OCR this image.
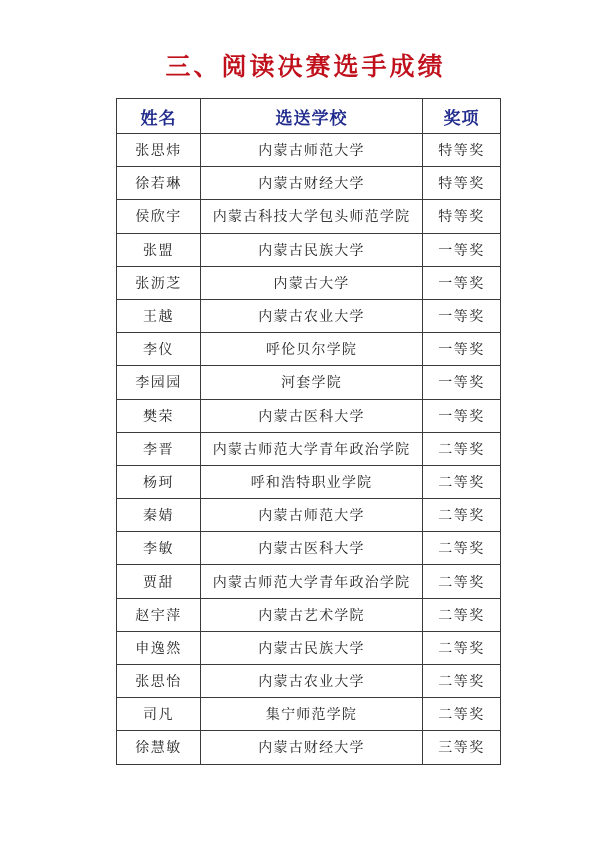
三、阅读决赛选手成绩
姓名	选送学校	奖项
张思炜	内蒙古师范大学	特等奖
徐若琳	内蒙古财经大学	特等奖
侯欣宇	内蒙古科技大学包头师范学院	特等奖
张盟	内蒙古民族大学	一等奖
张沥芝	内蒙古大学	一等奖
王越	内蒙古农业大学	一等奖
李仪	呼伦贝尔学院	一等奖
李园园	河套学院	一等奖
樊荣	内蒙古医科大学	一等奖
李晋	内蒙古师范大学青年政治学院	二等奖
杨珂	呼和浩特职业学院	二等奖
秦婧	内蒙古师范大学	二等奖
李敏	内蒙古医科大学	二等奖
贾甜	内蒙古师范大学青年政治学院	二等奖
赵宇萍	内蒙古艺术学院	二等奖
申逸然	内蒙古民族大学	二等奖
张思怡	内蒙古农业大学	二等奖
司凡	集宁师范学院	二等奖
徐慧敏	内蒙古财经大学	三等奖
